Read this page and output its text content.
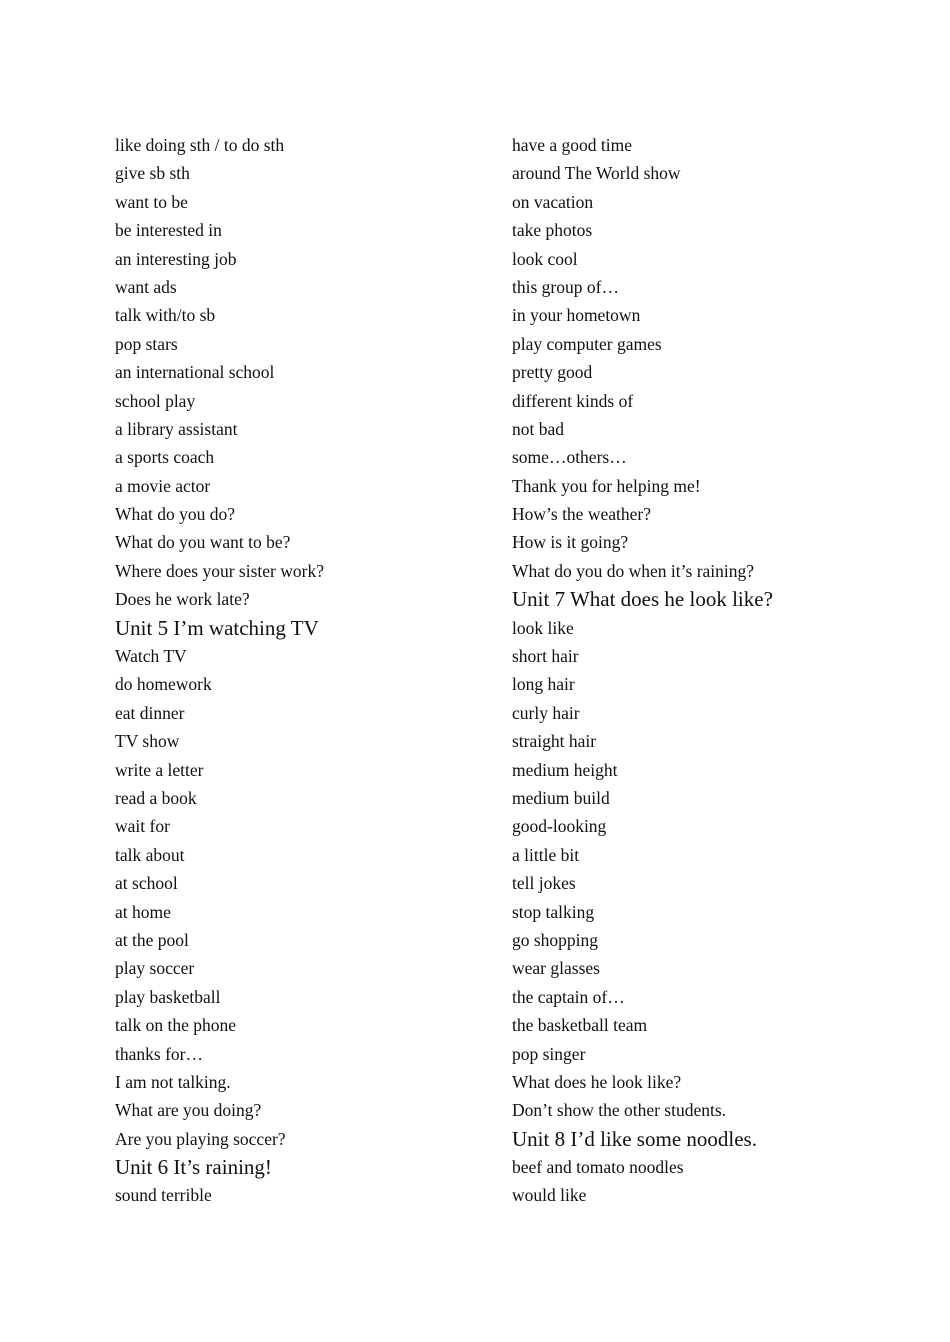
like doing sth / to do sth
give sb sth
want to be
be interested in
an interesting job
want ads
talk with/to sb
pop stars
an international school
school play
a library assistant
a sports coach
a movie actor
What do you do?
What do you want to be?
Where does your sister work?
Does he work late?
Unit 5 I’m watching TV
Watch TV
do homework
eat dinner
TV show
write a letter
read a book
wait for
talk about
at school
at home
at the pool
play soccer
play basketball
talk on the phone
thanks for…
I am not talking.
What are you doing?
Are you playing soccer?
Unit 6 It’s raining!
sound terrible
have a good time
around The World show
on vacation
take photos
look cool
this group of…
in your hometown
play computer games
pretty good
different kinds of
not bad
some…others…
Thank you for helping me!
How’s the weather?
How is it going?
What do you do when it’s raining?
Unit 7 What does he look like?
look like
short hair
long hair
curly hair
straight hair
medium height
medium build
good-looking
a little bit
tell jokes
stop talking
go shopping
wear glasses
the captain of…
the basketball team
pop singer
What does he look like?
Don’t show the other students.
Unit 8 I’d like some noodles.
beef and tomato noodles
would like
